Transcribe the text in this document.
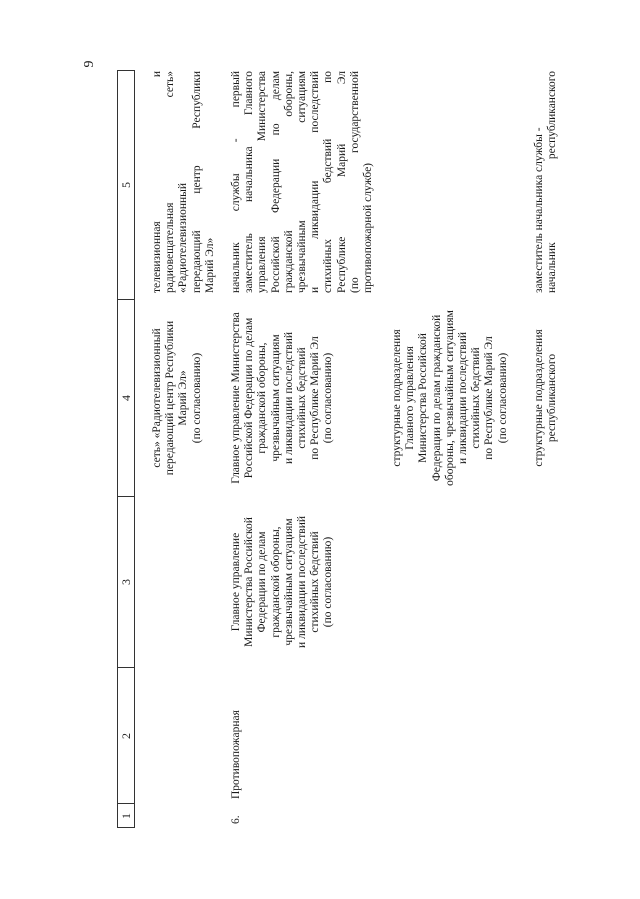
9
1
2
3
4
5
сеть» «Радиотелевизионный передающий центр Республики Марий Эл» (по согласованию)
телевизионная и радиовещательная сеть» «Радиотелевизионный передающий центр Республики Марий Эл»
6.
Противопожарная
Главное управление Министерства Российской Федерации по делам гражданской обороны, чрезвычайным ситуациям и ликвидации последствий стихийных бедствий (по согласованию)
Главное управление Министерства Российской Федерации по делам гражданской обороны, чрезвычайным ситуациям и ликвидации последствий стихийных бедствий по Республике Марий Эл (по согласованию)
начальник службы - первый заместитель начальника Главного управления Министерства Российской Федерации по делам гражданской обороны, чрезвычайным ситуациям и ликвидации последствий стихийных бедствий по Республике Марий Эл (по государственной противопожарной службе)
структурные подразделения Главного управления Министерства Российской Федерации по делам гражданской обороны, чрезвычайным ситуациям и ликвидации последствий стихийных бедствий по Республике Марий Эл (по согласованию) структурные подразделения республиканского
заместитель начальника службы - начальник республиканского
